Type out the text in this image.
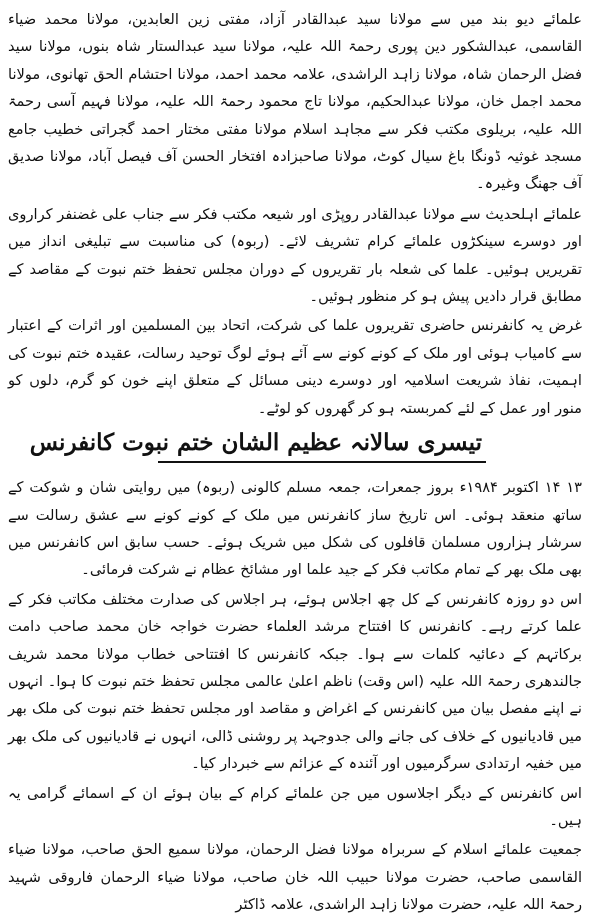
علمائے دیو بند میں سے مولانا سید عبدالقادر آزاد، مفتی زین العابدین، مولانا محمد ضیاء القاسمی، عبدالشکور دین پوری رحمۃ اللہ علیہ، مولانا سید عبدالستار شاہ بنوں، مولانا سید فضل الرحمان شاہ، مولانا زاہد الراشدی، علامہ محمد احمد، مولانا احتشام الحق تھانوی، مولانا محمد اجمل خان، مولانا عبدالحکیم، مولانا تاج محمود رحمۃ اللہ علیہ، مولانا فہیم آسی رحمۃ اللہ علیہ، بریلوی مکتب فکر سے مجاہد اسلام مولانا مفتی مختار احمد گجراتی خطیب جامع مسجد غوثیہ ڈونگا باغ سیال کوٹ، مولانا صاحبزادہ افتخار الحسن آف فیصل آباد، مولانا صدیق آف جھنگ وغیرہ۔

علمائے اہلحدیث سے مولانا عبدالقادر روپڑی اور شیعہ مکتب فکر سے جناب علی غضنفر کراروی اور دوسرے سینکڑوں علمائے کرام تشریف لائے۔ (ربوہ) کی مناسبت سے تبلیغی انداز میں تقریریں ہوئیں۔ علما کی شعلہ بار تقریروں کے دوران مجلس تحفظ ختم نبوت کے مقاصد کے مطابق قرار دادیں پیش ہو کر منظور ہوئیں۔

غرض یہ کانفرنس حاضری تقریروں علما کی شرکت، اتحاد بین المسلمین اور اثرات کے اعتبار سے کامیاب ہوئی اور ملک کے کونے کونے سے آئے ہوئے لوگ توحید رسالت، عقیدہ ختم نبوت کی اہمیت، نفاذ شریعت اسلامیہ اور دوسرے دینی مسائل کے متعلق اپنے خون کو گرم، دلوں کو منور اور عمل کے لئے کمربستہ ہو کر گھروں کو لوٹے۔

تیسری سالانہ عظیم الشان ختم نبوت کانفرنس

۱۳ ۱۴ اکتوبر ۱۹۸۴ء بروز جمعرات، جمعہ مسلم کالونی (ربوہ) میں روایتی شان و شوکت کے ساتھ منعقد ہوئی۔ اس تاریخ ساز کانفرنس میں ملک کے کونے کونے سے عشق رسالت سے سرشار ہزاروں مسلمان قافلوں کی شکل میں شریک ہوئے۔ حسب سابق اس کانفرنس میں بھی ملک بھر کے تمام مکاتب فکر کے جید علما اور مشائخ عظام نے شرکت فرمائی۔

اس دو روزہ کانفرنس کے کل چھ اجلاس ہوئے، ہر اجلاس کی صدارت مختلف مکاتب فکر کے علما کرتے رہے۔ کانفرنس کا افتتاح مرشد العلماء حضرت خواجہ خان محمد صاحب دامت برکاتہم کے دعائیہ کلمات سے ہوا۔ جبکہ کانفرنس کا افتتاحی خطاب مولانا محمد شریف جالندھری رحمۃ اللہ علیہ (اس وقت) ناظم اعلیٰ عالمی مجلس تحفظ ختم نبوت کا ہوا۔ انہوں نے اپنے مفصل بیان میں کانفرنس کے اغراض و مقاصد اور مجلس تحفظ ختم نبوت کی ملک بھر میں قادیانیوں کے خلاف کی جانے والی جدوجہد پر روشنی ڈالی، انہوں نے قادیانیوں کی ملک بھر میں خفیہ ارتدادی سرگرمیوں اور آئندہ کے عزائم سے خبردار کیا۔

اس کانفرنس کے دیگر اجلاسوں میں جن علمائے کرام کے بیان ہوئے ان کے اسمائے گرامی یہ ہیں۔

جمعیت علمائے اسلام کے سربراہ مولانا فضل الرحمان، مولانا سمیع الحق صاحب، مولانا ضیاء القاسمی صاحب، حضرت مولانا حبیب اللہ خان صاحب، مولانا ضیاء الرحمان فاروقی شہید رحمۃ اللہ علیہ، حضرت مولانا زاہد الراشدی، علامہ ڈاکٹر
